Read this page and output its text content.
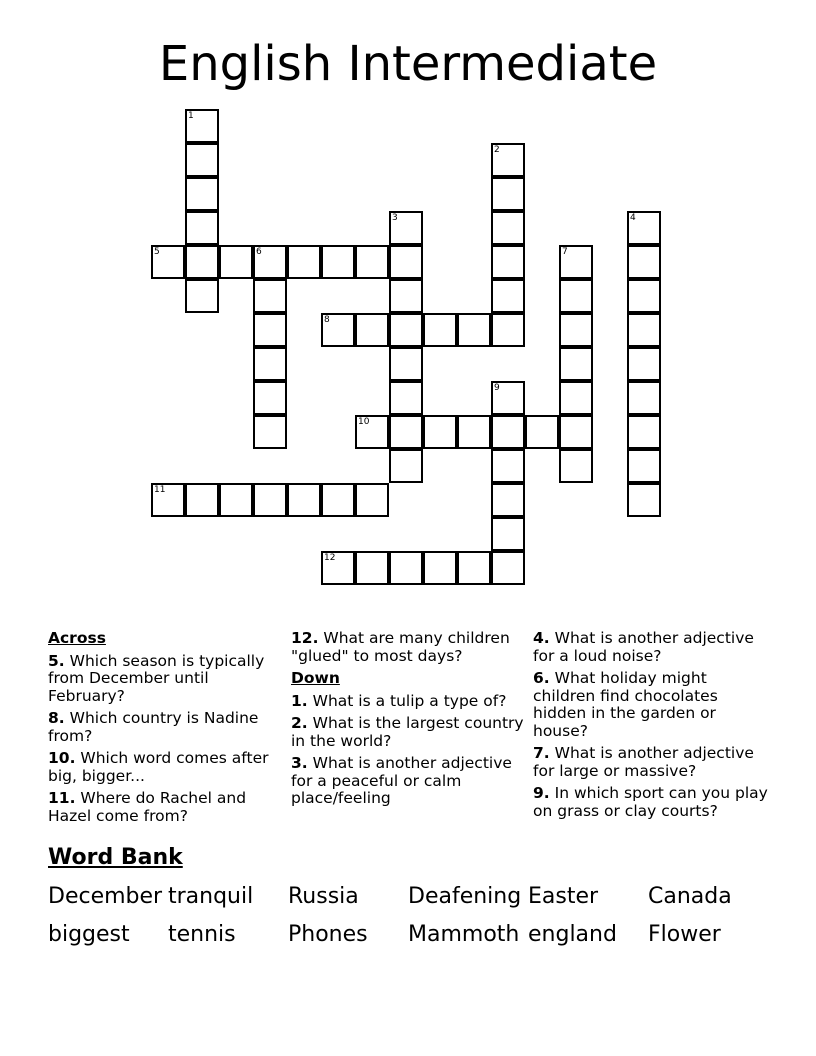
English Intermediate
1
2
3	4
5	6	7
8
9
10
11
12
Across
5. Which season is typically from December until February?
8. Which country is Nadine from?
10. Which word comes after big, bigger...
11. Where do Rachel and Hazel come from?
12. What are many children "glued" to most days?
Down
1. What is a tulip a type of?
2. What is the largest country in the world?
3. What is another adjective for a peaceful or calm place/feeling
4. What is another adjective for a loud noise?
6. What holiday might children find chocolates hidden in the garden or house?
7. What is another adjective for large or massive?
9. In which sport can you play on grass or clay courts?
Word Bank
December tranquil Russia Deafening Easter Canada
biggest tennis Phones Mammoth england Flower
